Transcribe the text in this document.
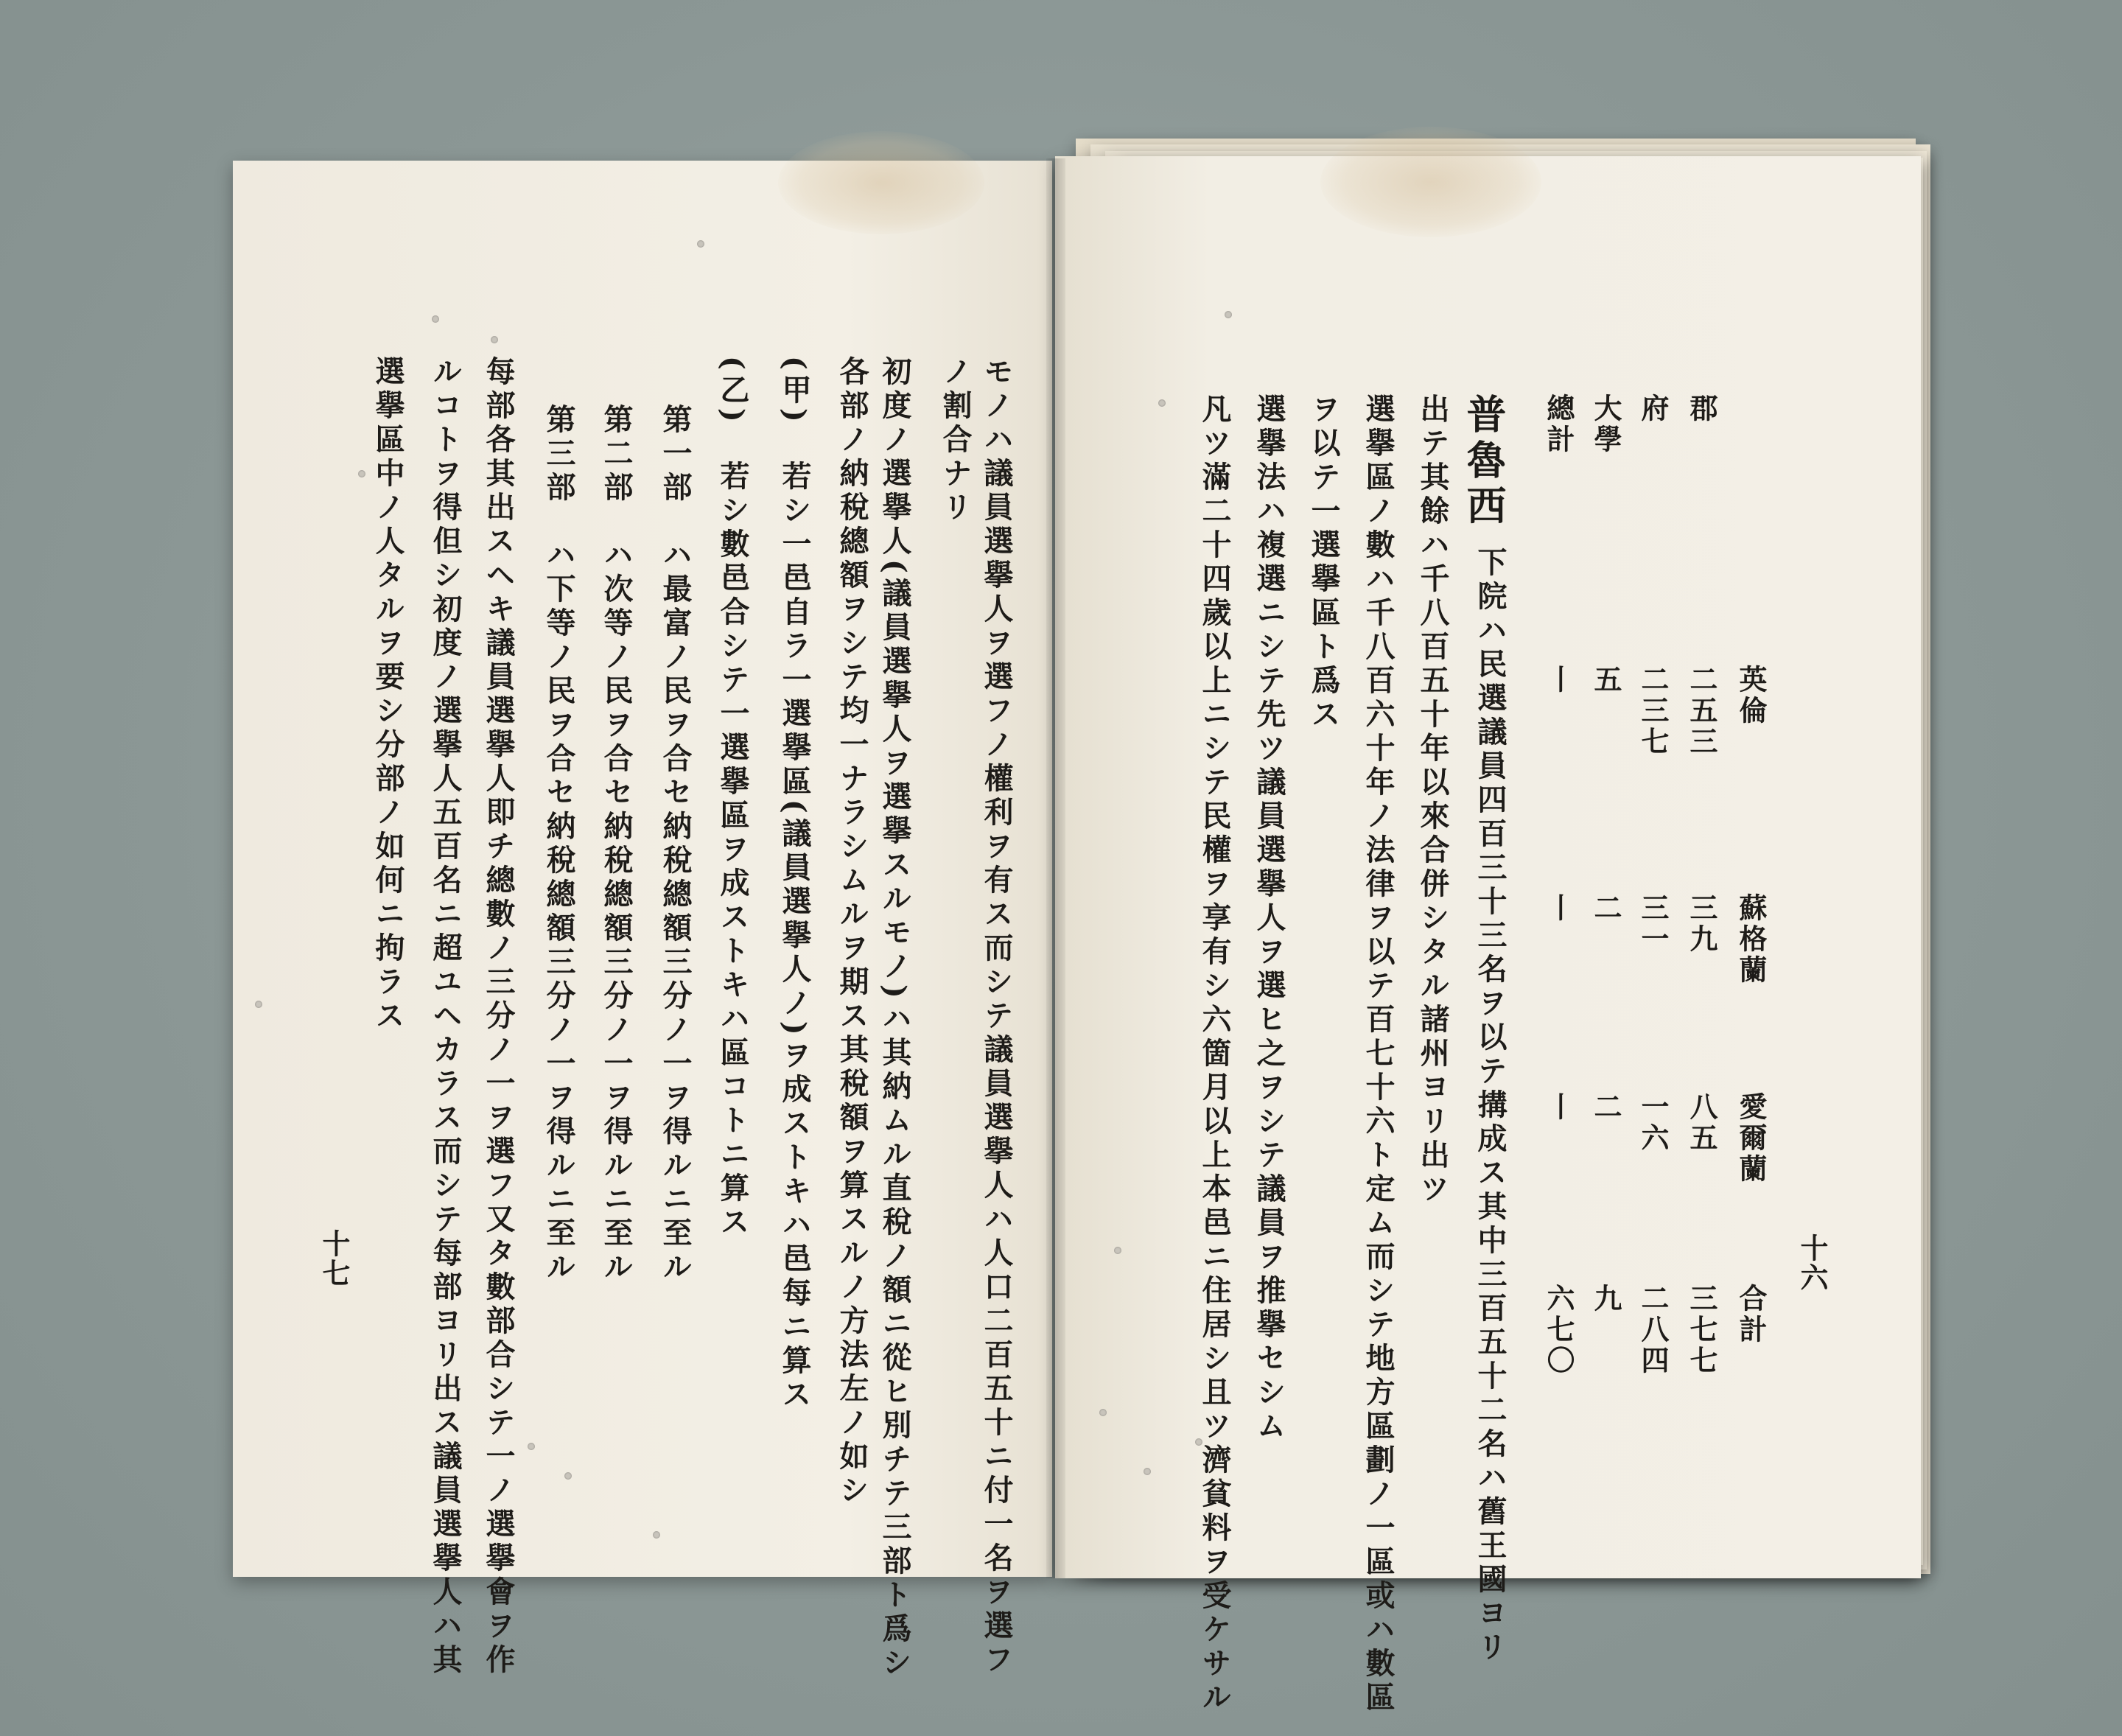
モノハ議員選擧人ヲ選フノ權利ヲ有ス而シテ議員選擧人ハ人口二百五十ニ付一名ヲ選フ
ノ割合ナリ
初度ノ選擧人(議員選擧人ヲ選擧スルモノ)ハ其納ムル直稅ノ額ニ從ヒ別チテ三部ト爲シ
各部ノ納稅總額ヲシテ均一ナラシムルヲ期ス其稅額ヲ算スルノ方法左ノ如シ
(甲)　若シ一邑自ラ一選擧區(議員選擧人ノ)ヲ成ストキハ邑每ニ算ス
(乙)　若シ數邑合シテ一選擧區ヲ成ストキハ區コトニ算ス
第一部　ハ最富ノ民ヲ合セ納稅總額三分ノ一ヲ得ルニ至ル
第二部　ハ次等ノ民ヲ合セ納稅總額三分ノ一ヲ得ルニ至ル
第三部　ハ下等ノ民ヲ合セ納稅總額三分ノ一ヲ得ルニ至ル
每部各其出スヘキ議員選擧人即チ總數ノ三分ノ一ヲ選フ又タ數部合シテ一ノ選擧會ヲ作
ルコトヲ得但シ初度ノ選擧人五百名ニ超ユヘカラス而シテ每部ヨリ出ス議員選擧人ハ其
選擧區中ノ人タルヲ要シ分部ノ如何ニ拘ラス
十七
英倫
蘇格蘭
愛爾蘭
合計
郡
二五三
三九
八五
三七七
府
二三七
三一
一六
二八四
大學
五
二
二
九
總計
丨
丨
丨
六七〇
普魯西
下院ハ民選議員四百三十三名ヲ以テ搆成ス其中三百五十二名ハ舊王國ヨリ
出テ其餘ハ千八百五十年以來合併シタル諸州ヨリ出ツ
選擧區ノ數ハ千八百六十年ノ法律ヲ以テ百七十六ト定ム而シテ地方區劃ノ一區或ハ數區
ヲ以テ一選擧區ト爲ス
選擧法ハ複選ニシテ先ツ議員選擧人ヲ選ヒ之ヲシテ議員ヲ推擧セシム
凡ツ滿二十四歲以上ニシテ民權ヲ享有シ六箇月以上本邑ニ住居シ且ツ濟貧料ヲ受ケサル	十六
